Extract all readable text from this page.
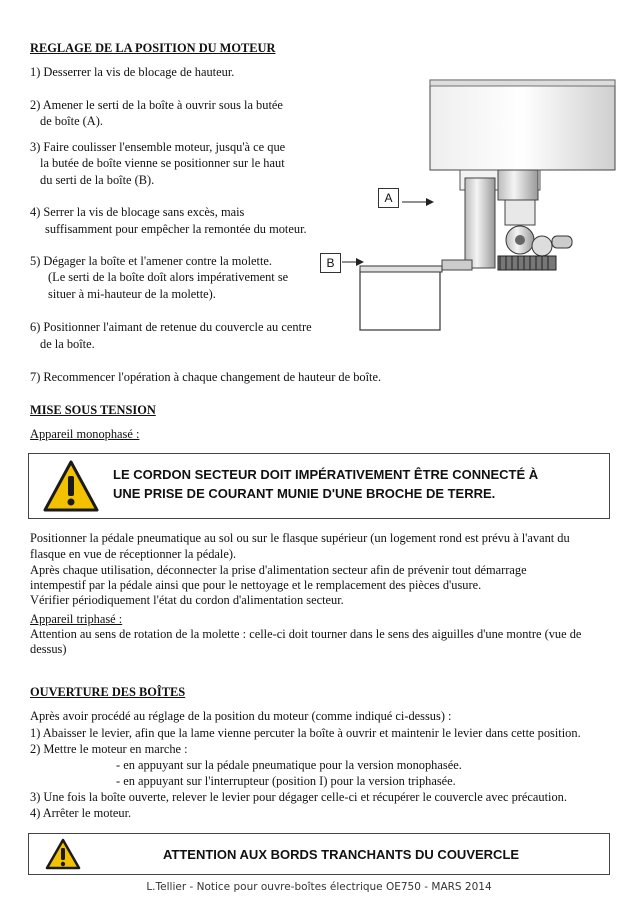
REGLAGE DE LA POSITION DU MOTEUR
1) Desserrer la vis de blocage de hauteur.
2) Amener le serti de la boîte à ouvrir sous la butée
de boîte (A).
3) Faire coulisser l'ensemble moteur, jusqu'à ce que
la butée de boîte vienne se positionner sur le haut
du serti de la boîte (B).
4) Serrer la vis de blocage sans excès, mais
suffisamment pour empêcher la remontée du moteur.
5) Dégager la boîte et l'amener contre la molette.
(Le serti de la boîte doît alors impérativement se
situer à mi-hauteur de la molette).
6) Positionner l'aimant de retenue du couvercle au centre
de la boîte.
7) Recommencer l'opération à chaque changement de hauteur de boîte.
A
B
MISE SOUS TENSION
Appareil monophasé :
LE CORDON SECTEUR DOIT IMPÉRATIVEMENT ÊTRE CONNECTÉ À
UNE PRISE DE COURANT MUNIE D'UNE BROCHE DE TERRE.
Positionner la pédale pneumatique au sol ou sur le flasque supérieur (un logement rond est prévu à l'avant du
flasque en vue de réceptionner la pédale).
Après chaque utilisation, déconnecter la prise d'alimentation secteur afin de prévenir tout démarrage
intempestif par la pédale ainsi que pour le nettoyage et le remplacement des pièces d'usure.
Vérifier périodiquement l'état du cordon d'alimentation secteur.
Appareil triphasé :
Attention au sens de rotation de la molette : celle-ci doit tourner dans le sens des aiguilles d'une montre (vue de
dessus)
OUVERTURE DES BOÎTES
Après avoir procédé au réglage de la position du moteur (comme indiqué ci-dessus) :
1) Abaisser le levier, afin que la lame vienne percuter la boîte à ouvrir et maintenir le levier dans cette position.
2) Mettre le moteur en marche :
- en appuyant sur la pédale pneumatique pour la version monophasée.
- en appuyant sur l'interrupteur (position I) pour la version triphasée.
3) Une fois la boîte ouverte, relever le levier pour dégager celle-ci et récupérer le couvercle avec précaution.
4) Arrêter le moteur.
ATTENTION AUX BORDS TRANCHANTS DU COUVERCLE
L.Tellier - Notice pour ouvre-boîtes électrique OE750 - MARS 2014
